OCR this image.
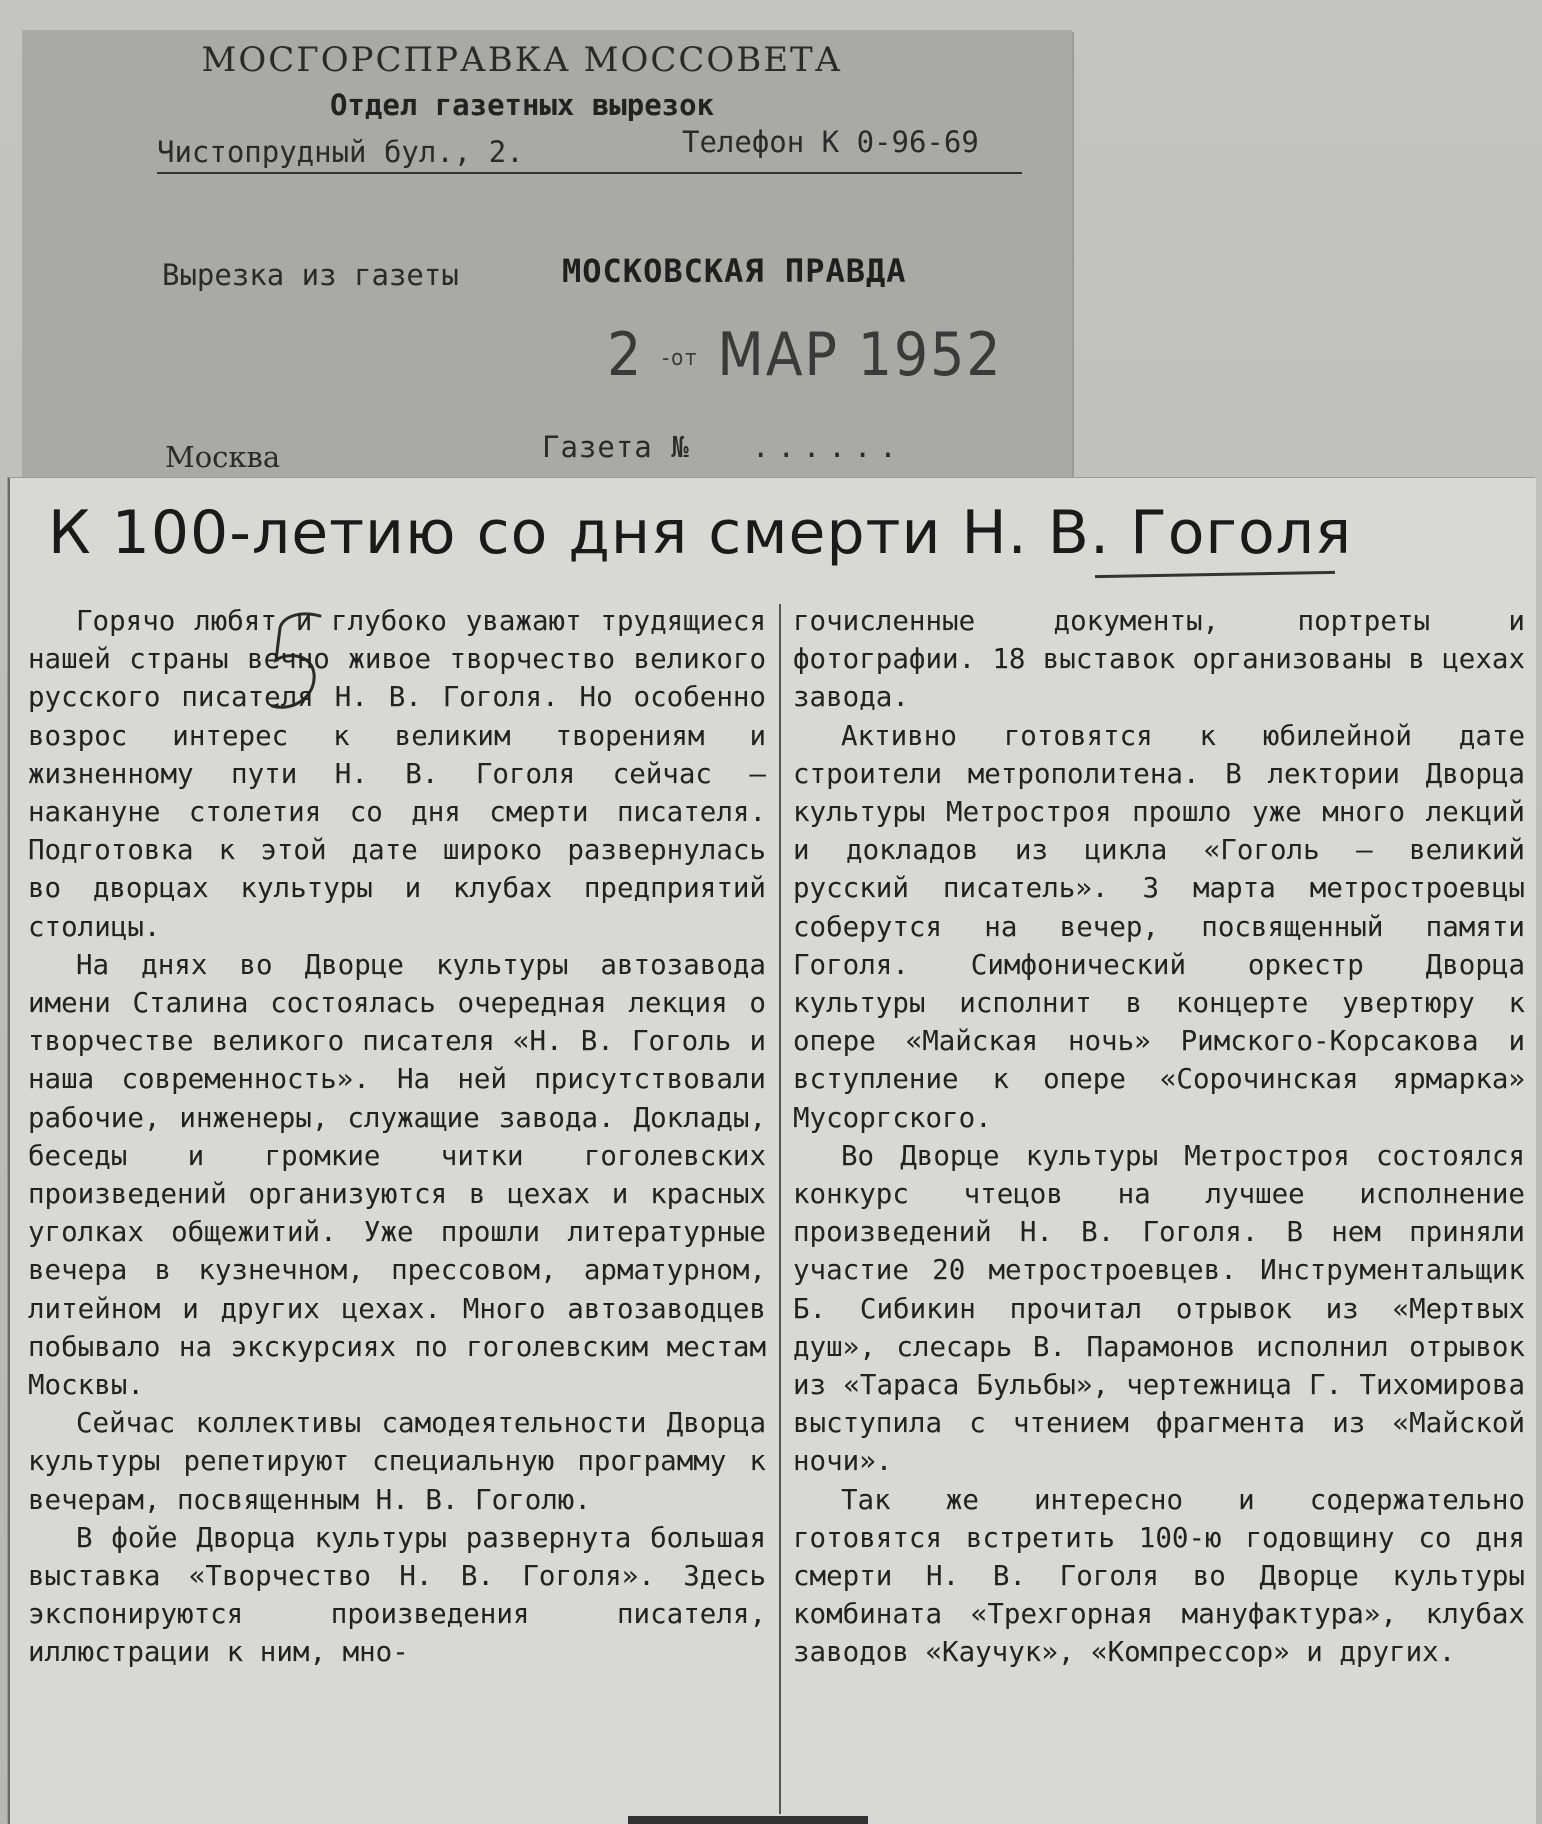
МОСГОРСПРАВКА МОССОВЕТА
Отдел газетных вырезок
Чистопрудный бул., 2.	Телефон К 0-96-69
Вырезка из газеты	МОСКОВСКАЯ ПРАВДА
2 -от МАР 1952
Москва	Газета № ......
К 100-летию со дня смерти Н. В. Гоголя

Горячо любят и глубоко уважают трудящиеся нашей страны вечно живое творчество великого русского писателя Н. В. Гоголя. Но особенно возрос интерес к великим творениям и жизненному пути Н. В. Гоголя сейчас — накануне столетия со дня смерти писателя. Подготовка к этой дате широко развернулась во дворцах культуры и клубах предприятий столицы.

На днях во Дворце культуры автозавода имени Сталина состоялась очередная лекция о творчестве великого писателя «Н. В. Гоголь и наша современность». На ней присутствовали рабочие, инженеры, служащие завода. Доклады, беседы и громкие читки гоголевских произведений организуются в цехах и красных уголках общежитий. Уже прошли литературные вечера в кузнечном, прессовом, арматурном, литейном и других цехах. Много автозаводцев побывало на экскурсиях по гоголевским местам Москвы.

Сейчас коллективы самодеятельности Дворца культуры репетируют специальную программу к вечерам, посвященным Н. В. Гоголю.

В фойе Дворца культуры развернута большая выставка «Творчество Н. В. Гоголя». Здесь экспонируются произведения писателя, иллюстрации к ним, мно-

гочисленные документы, портреты и фотографии. 18 выставок организованы в цехах завода.

Активно готовятся к юбилейной дате строители метрополитена. В лектории Дворца культуры Метростроя прошло уже много лекций и докладов из цикла «Гоголь — великий русский писатель». 3 марта метростроевцы соберутся на вечер, посвященный памяти Гоголя. Симфонический оркестр Дворца культуры исполнит в концерте увертюру к опере «Майская ночь» Римского-Корсакова и вступление к опере «Сорочинская ярмарка» Мусоргского.

Во Дворце культуры Метростроя состоялся конкурс чтецов на лучшее исполнение произведений Н. В. Гоголя. В нем приняли участие 20 метростроевцев. Инструментальщик Б. Сибикин прочитал отрывок из «Мертвых душ», слесарь В. Парамонов исполнил отрывок из «Тараса Бульбы», чертежница Г. Тихомирова выступила с чтением фрагмента из «Майской ночи».

Так же интересно и содержательно готовятся встретить 100-ю годовщину со дня смерти Н. В. Гоголя во Дворце культуры комбината «Трехгорная мануфактура», клубах заводов «Каучук», «Компрессор» и других.
